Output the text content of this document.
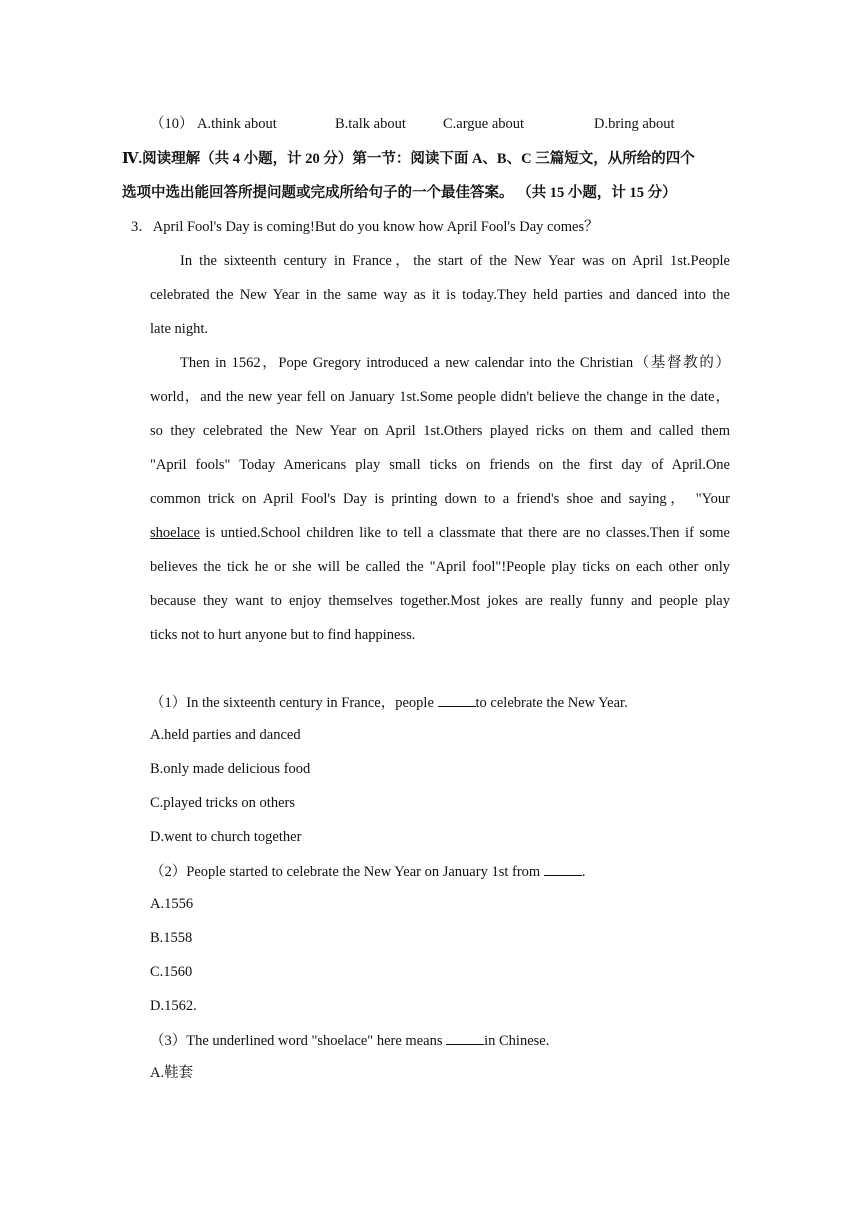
（10） A.think about	B.talk about	C.argue about	D.bring about
Ⅳ.阅读理解（共 4 小题，计 20 分）第一节：阅读下面 A、B、C 三篇短文，从所给的四个
选项中选出能回答所提问题或完成所给句子的一个最佳答案。 （共 15 小题，计 15 分）
3．April Fool's Day is coming!But do you know how April Fool's Day comes？
In the sixteenth century in France，the start of the New Year was on April 1st.People
celebrated the New Year in the same way as it is today.They held parties and danced into the
late night.
Then in 1562，Pope Gregory introduced a new calendar into the Christian（基督教的）
world，and the new year fell on January 1st.Some people didn't believe the change in the date，
so they celebrated the New Year on April 1st.Others played ricks on them and called them
"April fools" Today Americans play small ticks on friends on the first day of April.One
common trick on April Fool's Day is printing down to a friend's shoe and saying， "Your
shoelace is untied.School children like to tell a classmate that there are no classes.Then if some
believes the tick he or she will be called the "April fool"!People play ticks on each other only
because they want to enjoy themselves together.Most jokes are really funny and people play
ticks not to hurt anyone but to find happiness.
（1）In the sixteenth century in France，people	to celebrate the New Year.
A.held parties and danced
B.only made delicious food
C.played tricks on others
D.went to church together
（2）People started to celebrate the New Year on January 1st from	.
A.1556
B.1558
C.1560
D.1562.
（3）The underlined word "shoelace" here means	in Chinese.
A.鞋套
